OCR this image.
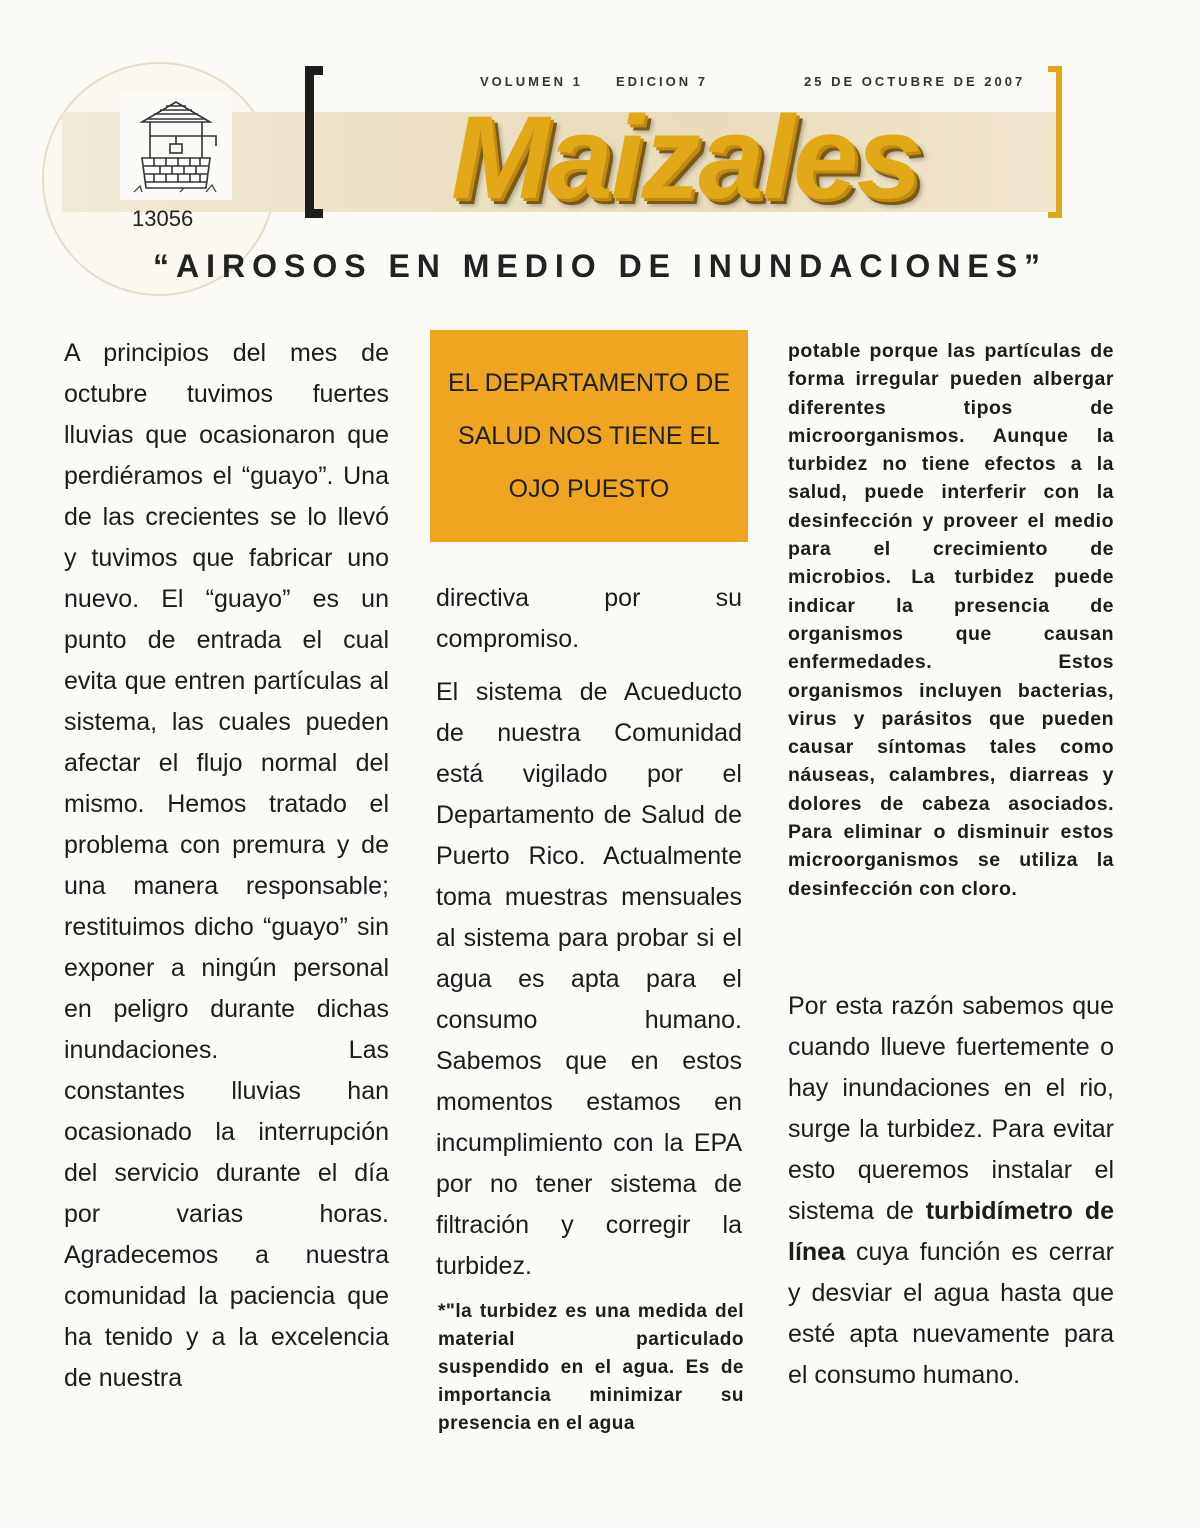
13056
VOLUMEN 1	EDICION 7	25 DE OCTUBRE DE 2007
Maizales
“AIROSOS EN MEDIO DE INUNDACIONES”

A principios del mes de octubre tuvimos fuertes lluvias que ocasionaron que perdiéramos el “guayo”. Una de las crecientes se lo llevó y tuvimos que fabricar uno nuevo. El “guayo” es un punto de entrada el cual evita que entren partículas al sistema, las cuales pueden afectar el flujo normal del mismo. Hemos tratado el problema con premura y de una manera responsable; restituimos dicho “guayo” sin exponer a ningún personal en peligro durante dichas inundaciones. Las constantes lluvias han ocasionado la interrupción del servicio durante el día por varias horas. Agradecemos a nuestra comunidad la paciencia que ha tenido y a la excelencia de nuestra

EL DEPARTAMENTO DE SALUD NOS TIENE EL OJO PUESTO

directiva por su compromiso.

El sistema de Acueducto de nuestra Comunidad está vigilado por el Departamento de Salud de Puerto Rico. Actualmente toma muestras mensuales al sistema para probar si el agua es apta para el consumo humano. Sabemos que en estos momentos estamos en incumplimiento con la EPA por no tener sistema de filtración y corregir la turbidez.

*"la turbidez es una medida del material particulado suspendido en el agua. Es de importancia minimizar su presencia en el agua
potable porque las partículas de forma irregular pueden albergar diferentes tipos de microorganismos. Aunque la turbidez no tiene efectos a la salud, puede interferir con la desinfección y proveer el medio para el crecimiento de microbios. La turbidez puede indicar la presencia de organismos que causan enfermedades. Estos organismos incluyen bacterias, virus y parásitos que pueden causar síntomas tales como náuseas, calambres, diarreas y dolores de cabeza asociados. Para eliminar o disminuir estos microorganismos se utiliza la desinfección con cloro.
Por esta razón sabemos que cuando llueve fuertemente o hay inundaciones en el rio, surge la turbidez. Para evitar esto queremos instalar el sistema de turbidímetro de línea cuya función es cerrar y desviar el agua hasta que esté apta nuevamente para el consumo humano.
